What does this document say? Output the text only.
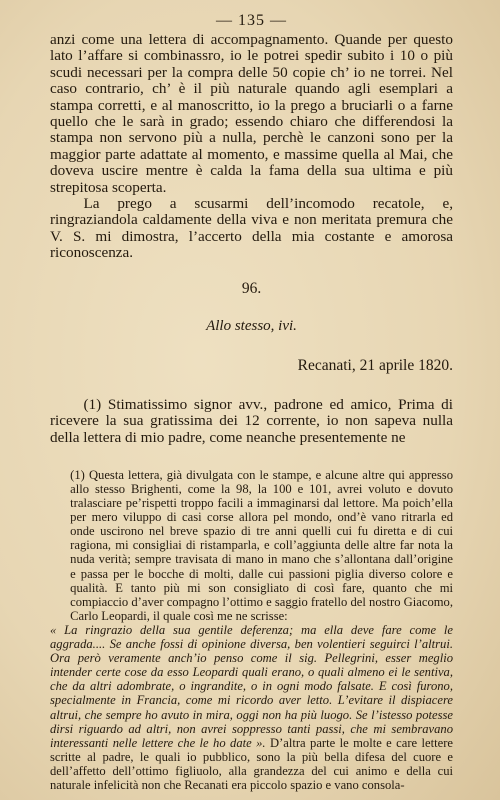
— 135 —

anzi come una lettera di accompagnamento. Quande per questo lato l’affare si combinassro, io le potrei spedir subito i 10 o più scudi necessari per la compra delle 50 copie ch’ io ne torrei. Nel caso contrario, ch’ è il più naturale quando agli esemplari a stampa corretti, e al manoscritto, io la prego a bruciarli o a farne quello che le sarà in grado; essendo chiaro che differendosi la stampa non servono più a nulla, perchè le canzoni sono per la maggior parte adattate al momento, e massime quella al Mai, che doveva uscire mentre è calda la fama della sua ultima e più strepitosa scoperta.

La prego a scusarmi dell’incomodo recatole, e, ringraziandola caldamente della viva e non meritata premura che V. S. mi dimostra, l’accerto della mia costante e amorosa riconoscenza.

96.
Allo stesso, ivi.
Recanati, 21 aprile 1820.

(1) Stimatissimo signor avv., padrone ed amico, Prima di ricevere la sua gratissima dei 12 corrente, io non sapeva nulla della lettera di mio padre, come neanche presentemente ne

(1) Questa lettera, già divulgata con le stampe, e alcune altre qui appresso allo stesso Brighenti, come la 98, la 100 e 101, avrei voluto e dovuto tralasciare pe’rispetti troppo facili a immaginarsi dal lettore. Ma poich’ella per mero viluppo di casi corse allora pel mondo, ond’è vano ritrarla ed onde uscirono nel breve spazio di tre anni quelli cui fu diretta e di cui ragiona, mi consigliai di ristamparla, e coll’aggiunta delle altre far nota la nuda verità; sempre travisata di mano in mano che s’allontana dall’origine e passa per le bocche di molti, dalle cui passioni piglia diverso colore e qualità. E tanto più mi son consigliato di così fare, quanto che mi compiaccio d’aver compagno l’ottimo e saggio fratello del nostro Giacomo, Carlo Leopardi, il quale così me ne scrisse:
« La ringrazio della sua gentile deferenza; ma ella deve fare come le aggrada.... Se anche fossi di opinione diversa, ben volentieri seguirci l’altrui. Ora però veramente anch’io penso come il sig. Pellegrini, esser meglio intender certe cose da esso Leopardi quali erano, o quali almeno ei le sentiva, che da altri adombrate, o ingrandite, o in ogni modo falsate. E così furono, specialmente in Francia, come mi ricordo aver letto. L’evitare il dispiacere altrui, che sempre ho avuto in mira, oggi non ha più luogo. Se l’istesso potesse dirsi riguardo ad altri, non avrei soppresso tanti passi, che mi sembravano interessanti nelle lettere che le ho date ». D’altra parte le molte e care lettere scritte al padre, le quali io pubblico, sono la più bella difesa del cuore e dell’affetto dell’ottimo figliuolo, alla grandezza del cui animo e della cui naturale infelicità non che Recanati era piccolo spazio e vano consola-
